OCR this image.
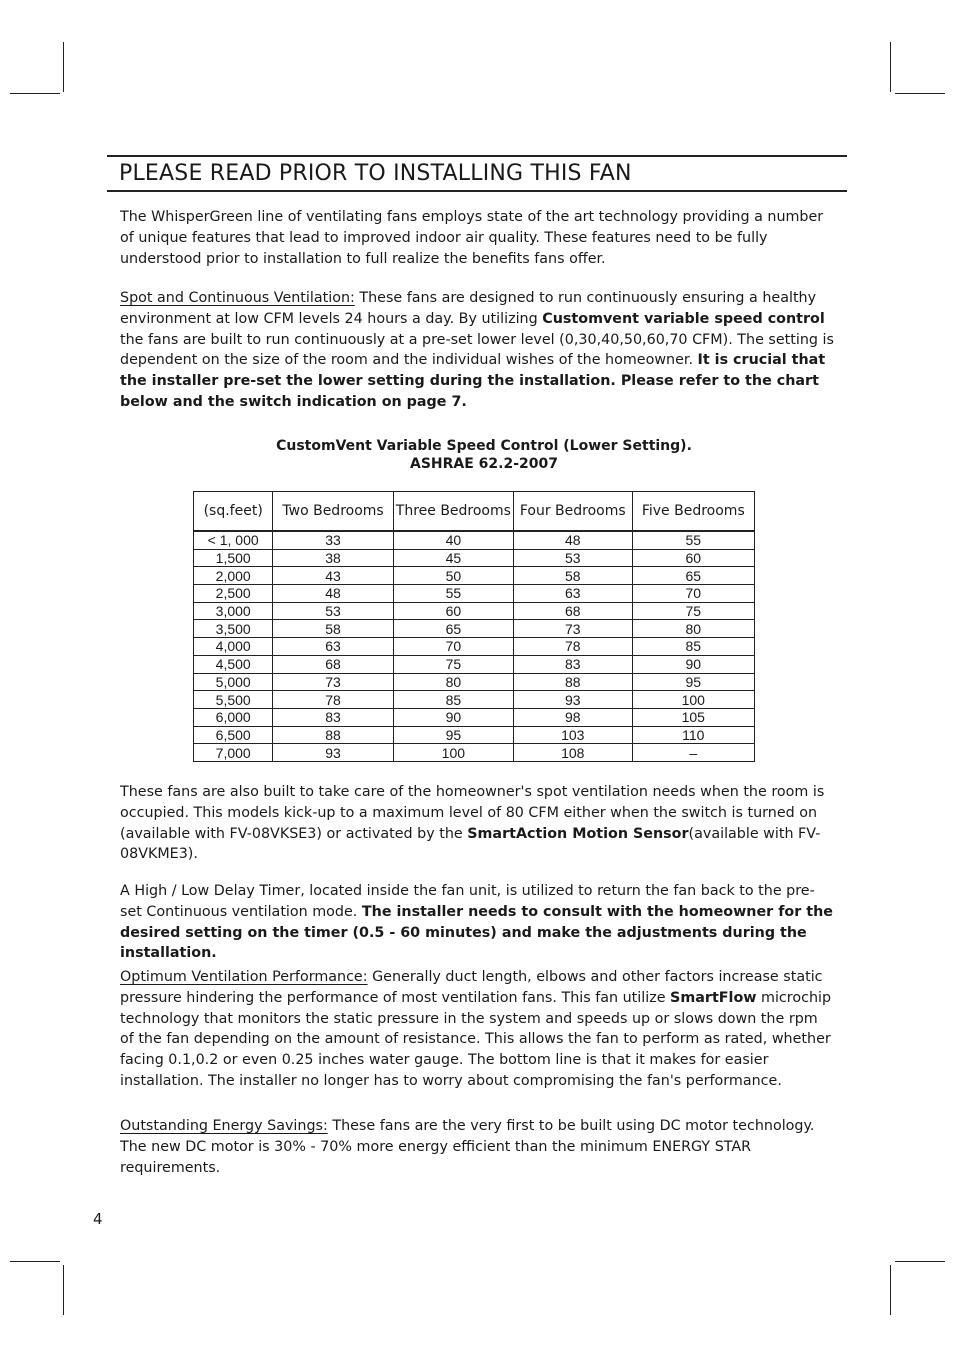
PLEASE READ PRIOR TO INSTALLING THIS FAN

The WhisperGreen line of ventilating fans employs state of the art technology providing a number of unique features that lead to improved indoor air quality. These features need to be fully understood prior to installation to full realize the benefits fans offer.

Spot and Continuous Ventilation: These fans are designed to run continuously ensuring a healthy environment at low CFM levels 24 hours a day. By utilizing Customvent variable speed control the fans are built to run continuously at a pre-set lower level (0,30,40,50,60,70 CFM). The setting is dependent on the size of the room and the individual wishes of the homeowner. It is crucial that the installer pre-set the lower setting during the installation. Please refer to the chart below and the switch indication on page 7.

CustomVent Variable Speed Control (Lower Setting).
ASHRAE 62.2-2007
(sq.feet)	Two Bedrooms	Three Bedrooms	Four Bedrooms	Five Bedrooms
< 1, 000	33	40	48	55
1,500	38	45	53	60
2,000	43	50	58	65
2,500	48	55	63	70
3,000	53	60	68	75
3,500	58	65	73	80
4,000	63	70	78	85
4,500	68	75	83	90
5,000	73	80	88	95
5,500	78	85	93	100
6,000	83	90	98	105
6,500	88	95	103	110
7,000	93	100	108	–

These fans are also built to take care of the homeowner's spot ventilation needs when the room is occupied. This models kick-up to a maximum level of 80 CFM either when the switch is turned on (available with FV-08VKSE3) or activated by the SmartAction Motion Sensor(available with FV-08VKME3).

A High / Low Delay Timer, located inside the fan unit, is utilized to return the fan back to the pre-set Continuous ventilation mode. The installer needs to consult with the homeowner for the desired setting on the timer (0.5 - 60 minutes) and make the adjustments during the installation.

Optimum Ventilation Performance: Generally duct length, elbows and other factors increase static pressure hindering the performance of most ventilation fans. This fan utilize SmartFlow microchip technology that monitors the static pressure in the system and speeds up or slows down the rpm of the fan depending on the amount of resistance. This allows the fan to perform as rated, whether facing 0.1,0.2 or even 0.25 inches water gauge. The bottom line is that it makes for easier installation. The installer no longer has to worry about compromising the fan's performance.

Outstanding Energy Savings: These fans are the very first to be built using DC motor technology. The new DC motor is 30% - 70% more energy efficient than the minimum ENERGY STAR requirements.

4
